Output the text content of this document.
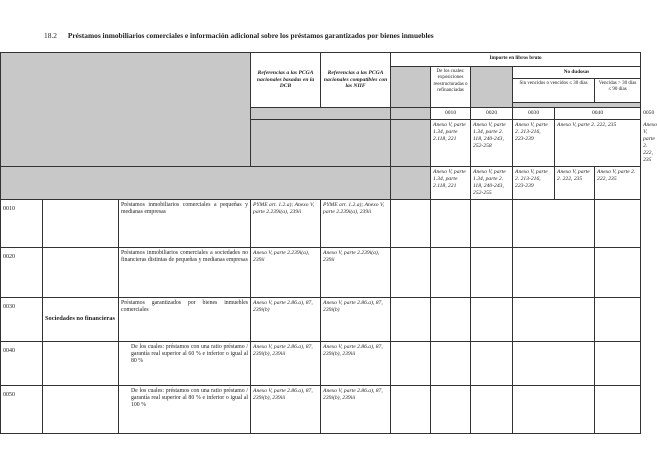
18.2 Préstamos inmobiliarios comerciales e información adicional sobre los préstamos garantizados por bienes inmuebles
			Referencias a las PCGA nacionales basadas en la DCB	Referencias a las PCGA nacionales compatibles con las NIIF	Importe en libros bruto						
						De los cuales: exposiciones reestructuradas o refinanciadas		No dudosas			
								Sin vencidos o vencidos ≤ 30 días		Vencidas > 30 días ≤ 90 días	

						0010	0020	0030	0040		0050
						Anexo V, parte 1.34, parte 2.118, 221	Anexo V, parte 1.34, parte 2. 118, 240-243, 252-258	Anexo V, parte 2. 213-216, 223-239	Anexo V, parte 2. 222, 235		Anexo V, parte 2. 222, 235
						Anexo V, parte 1.34, parte 2.118, 221	Anexo V, parte 1.34, parte 2. 118, 240-243, 252-255	Anexo V, parte 2. 213-216, 223-239	Anexo V, parte 2. 222, 235	Anexo V, parte 2. 222, 235	
0010		Préstamos inmobiliarios comerciales a pequeñas y medianas empresas	PYME art. 1.2.a); Anexo V, parte 2.239i(a), 239ii	PYME art. 1.2.a); Anexo V, parte 2.239i(a), 239ii							
0020		Préstamos inmobiliarios comerciales a sociedades no financieras distintas de pequeñas y medianas empresas	Anexo V, parte 2.239i(a), 239ii	Anexo V, parte 2.239i(a), 239ii							
0030	Sociedades no financieras	Préstamos garantizados por bienes inmuebles comerciales	Anexo V, parte 2.86.a), 87, 239i(b)	Anexo V, parte 2.86.a), 87, 239i(b)							
0040		De los cuales: préstamos con una ratio préstamo / garantía real superior al 60 % e inferior o igual al 80 %	Anexo V, parte 2.86.a), 87, 239i(b), 239iii	Anexo V, parte 2.86.a), 87, 239i(b), 239iii							
0050		De los cuales: préstamos con una ratio préstamo / garantía real superior al 80 % e inferior o igual al 100 %	Anexo V, parte 2.86.a), 87, 239i(b), 239iii	Anexo V, parte 2.86.a), 87, 239i(b), 239iii							
